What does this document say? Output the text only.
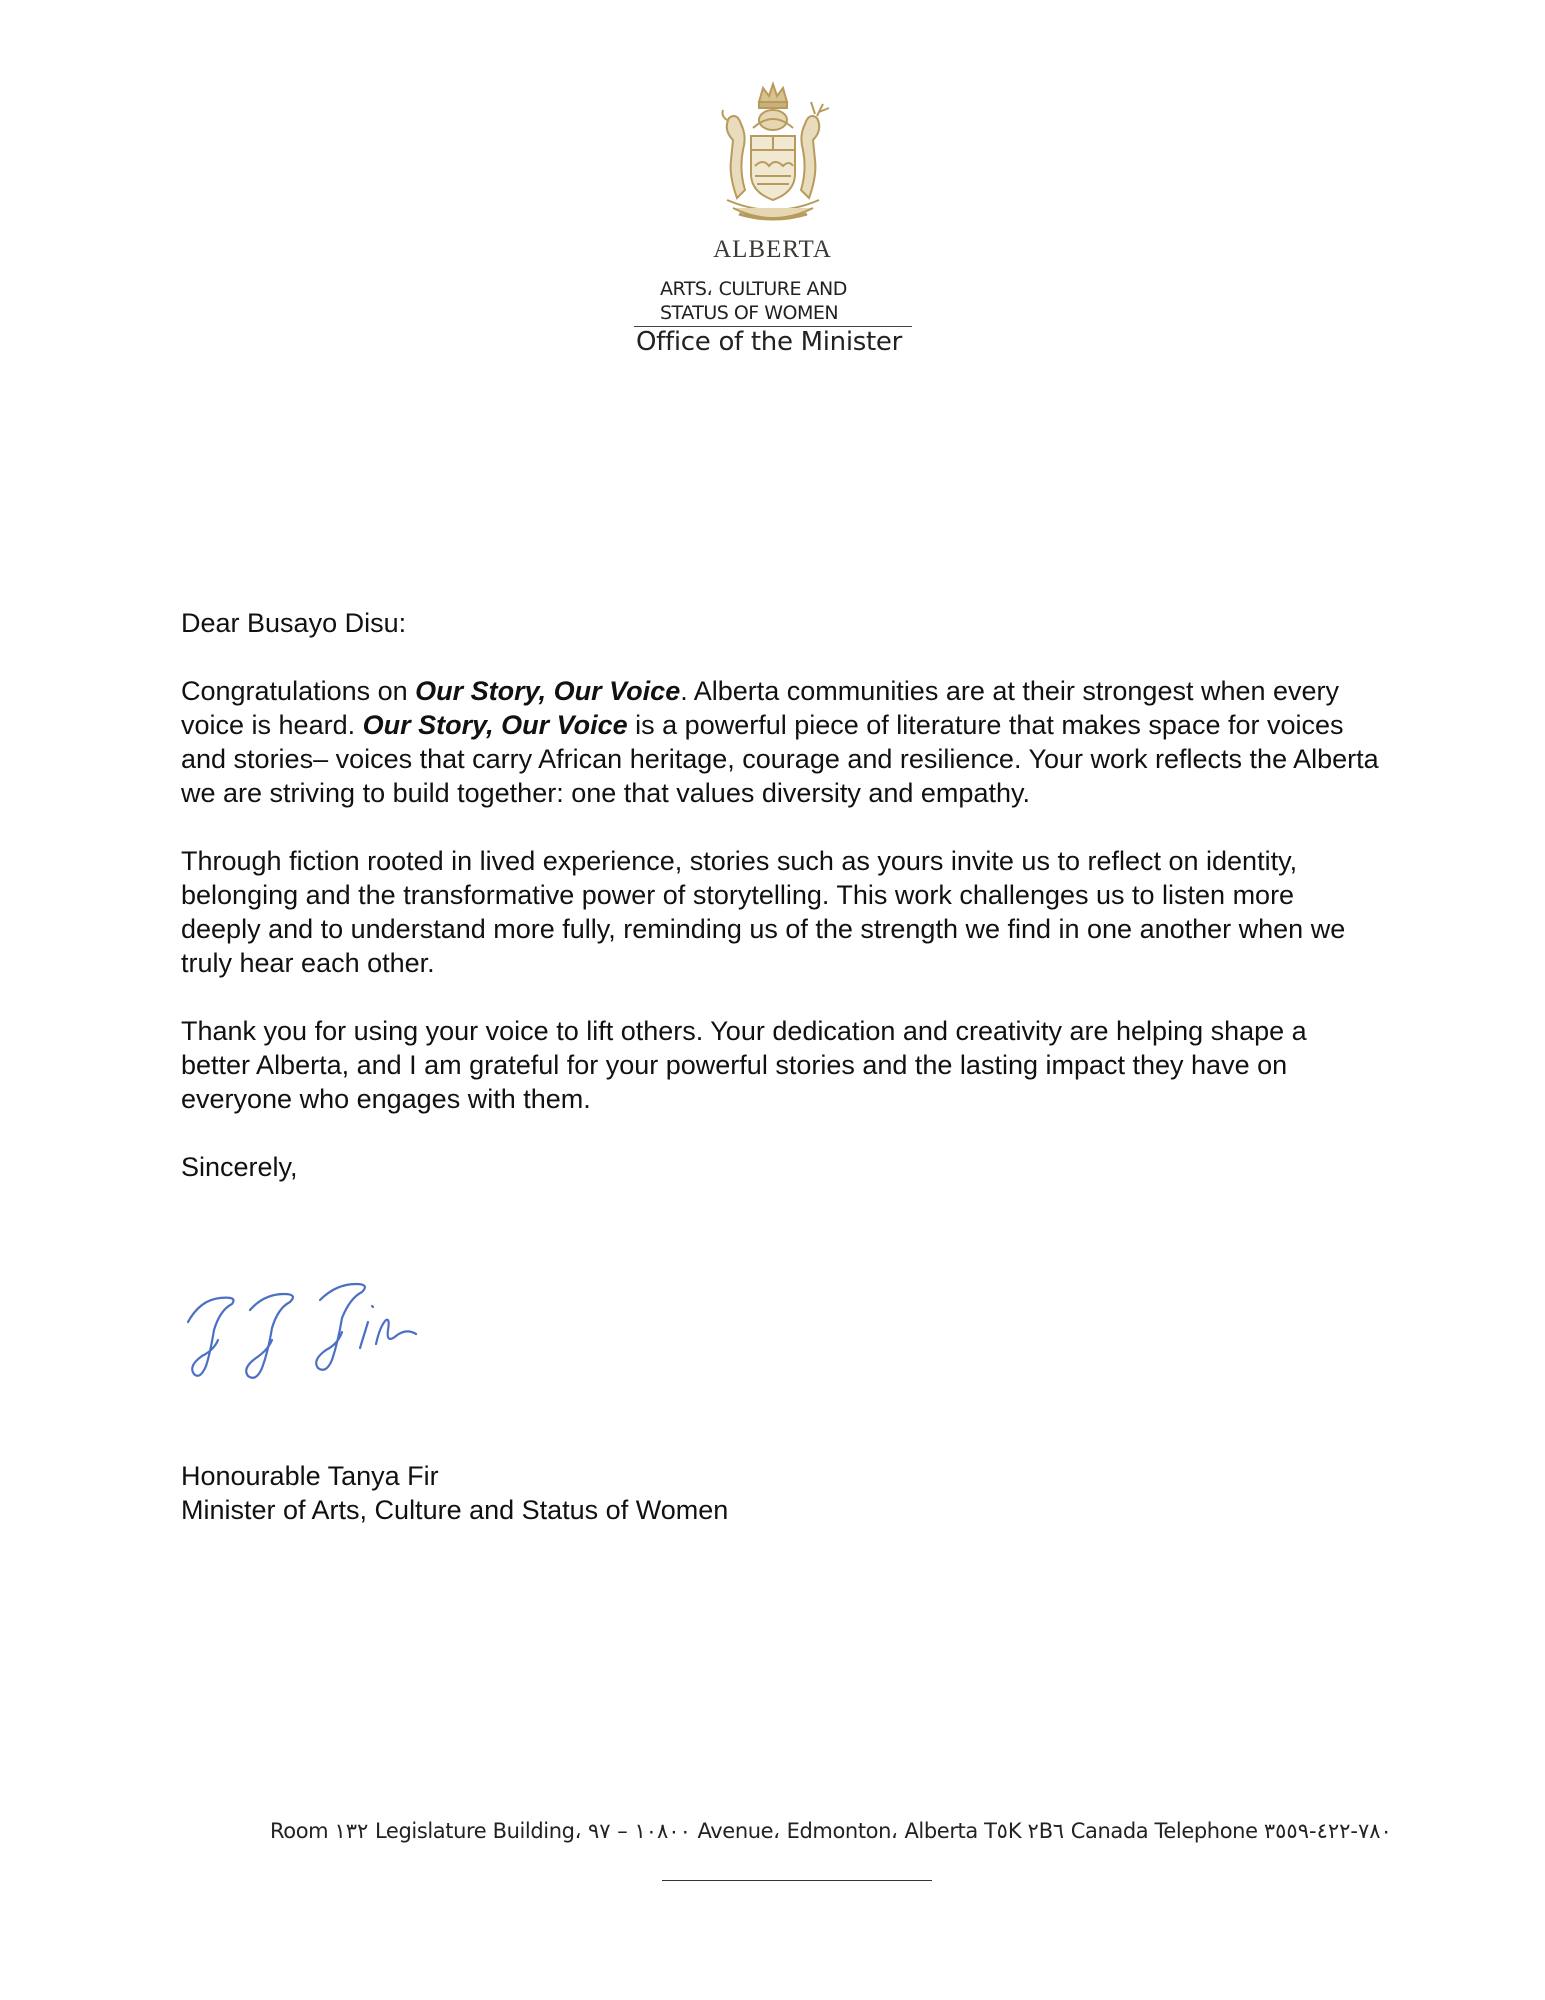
ALBERTA
ARTS، CULTURE AND
STATUS OF WOMEN
Office of the Minister

Dear Busayo Disu:

Congratulations on Our Story, Our Voice. Alberta communities are at their strongest when every voice is heard. Our Story, Our Voice is a powerful piece of literature that makes space for voices and stories– voices that carry African heritage, courage and resilience. Your work reflects the Alberta we are striving to build together: one that values diversity and empathy.

Through fiction rooted in lived experience, stories such as yours invite us to reflect on identity, belonging and the transformative power of storytelling. This work challenges us to listen more deeply and to understand more fully, reminding us of the strength we find in one another when we truly hear each other.

Thank you for using your voice to lift others. Your dedication and creativity are helping shape a better Alberta, and I am grateful for your powerful stories and the lasting impact they have on everyone who engages with them.

Sincerely,

Honourable Tanya Fir
Minister of Arts, Culture and Status of Women
Room ١٣٢ Legislature Building، ١٠٨٠٠ – ٩٧ Avenue، Edmonton، Alberta T٥K ٢B٦ Canada Telephone ٧٨٠-٤٢٢-٣٥٥٩
